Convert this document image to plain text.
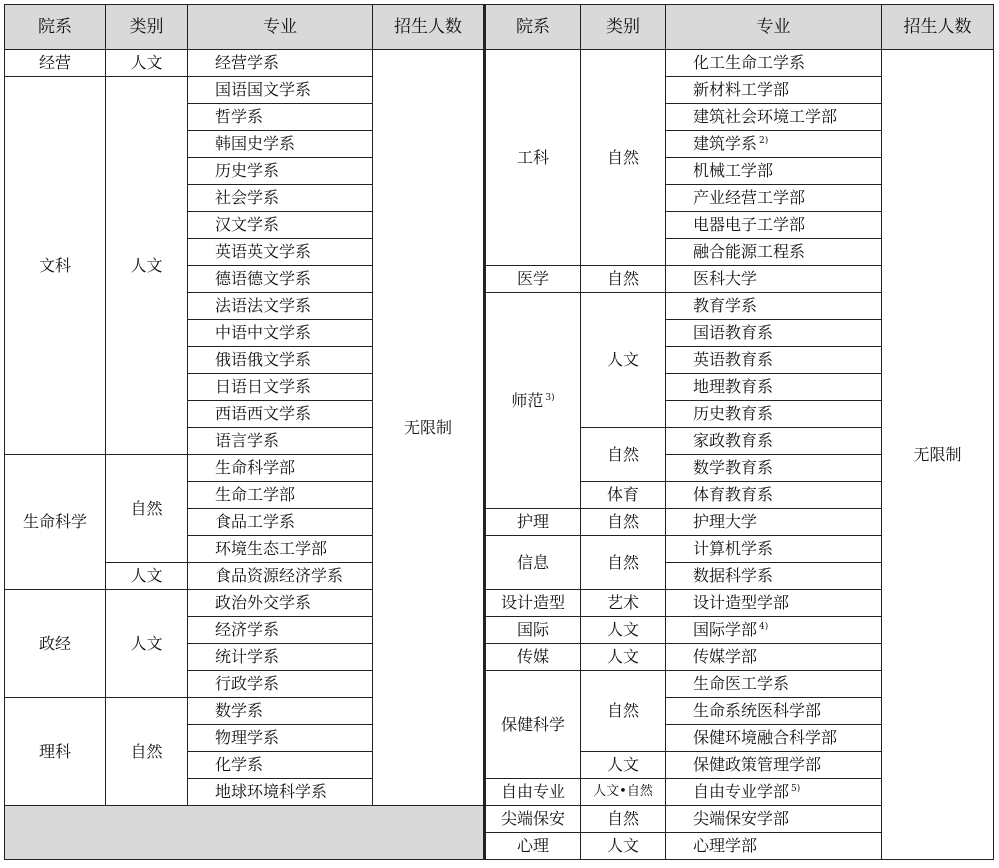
院系	类别	专业	招生人数	院系	类别	专业	招生人数
经营	人文	经营学系	无限制	工科	自然	化工生命工学系	无限制
文科	人文	国语国文学系				新材料工学部	
		哲学系				建筑社会环境工学部	
		韩国史学系				建筑学系 $^{2)}$
		历史学系				机械工学部	
		社会学系				产业经营工学部	
		汉文学系				电器电子工学部	
		英语英文学系				融合能源工程系	
		德语德文学系		医学	自然	医科大学	
		法语法文学系		师范 $^{3)}$	人文	教育学系	
		中语中文学系				国语教育系	
		俄语俄文学系				英语教育系	
		日语日文学系				地理教育系	
		西语西文学系				历史教育系	
		语言学系			自然	家政教育系	
生命科学	自然	生命科学部				数学教育系	
		生命工学部			体育	体育教育系	
		食品工学系		护理	自然	护理大学	
		环境生态工学部		信息	自然	计算机学系	
	人文	食品资源经济学系				数据科学系	
政经	人文	政治外交学系		设计造型	艺术	设计造型学部	
		经济学系		国际	人文	国际学部 $^{4)}$
		统计学系		传媒	人文	传媒学部	
		行政学系		保健科学	自然	生命医工学系	
理科	自然	数学系				生命系统医科学部	
		物理学系				保健环境融合科学部	
		化学系			人文	保健政策管理学部	
		地球环境科学系		自由专业	人文•自然	自由专业学部 $^{5)}$
				尖端保安	自然	尖端保安学部	
				心理	人文	心理学部	
